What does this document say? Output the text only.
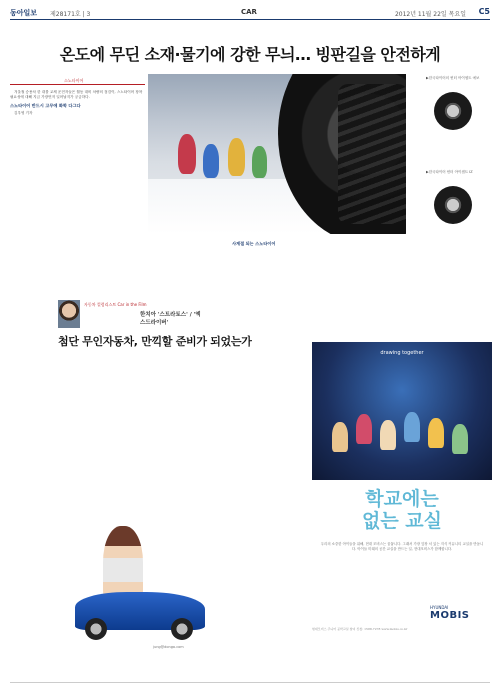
동아일보 제28171호 | 3	CAR	2012년 11월 22일 목요일 C5
온도에 무딘 소재·물기에 강한 무늬… 빙판길을 안전하게
스노타이어

겨울철 승용차 한 대를 교체 운전자들은 월동 대비 차량의 점검이, 스노타이어 장착 필요성에 대해 지금 가장먼저 일어날지가 궁금하다.

스노타이어 반드시 고무에 화학 다그다

김우영 기자

▶한국타이어의 윈터 아이셉트 에보
▶한국타이어 윈터 아이셉트 IZ
사계절 되는 스노타이어
자동차 컬럼리스트 Car in the Film
한치아 '스트라토스' / '엑스드라이버'
첨단 무인자동차, 만끽할 준비가 되었는가
jung@donga.com
drawing together
학교에는
없는 교실
우리의 소중한 아이들을 위해, 현대 모비스는 꿈꿉니다. 그래서 가장 앞장 서 있는 지식 커뮤니티 교실을 만듭니다. 아이들 미래의 공간 교실을 만드는 일, 현대모비스가 함께합니다.
HYUNDAI
MOBIS
현대모비스 주니어 공학교실 참여 신청: 1588-7278 www.mobis.co.kr
